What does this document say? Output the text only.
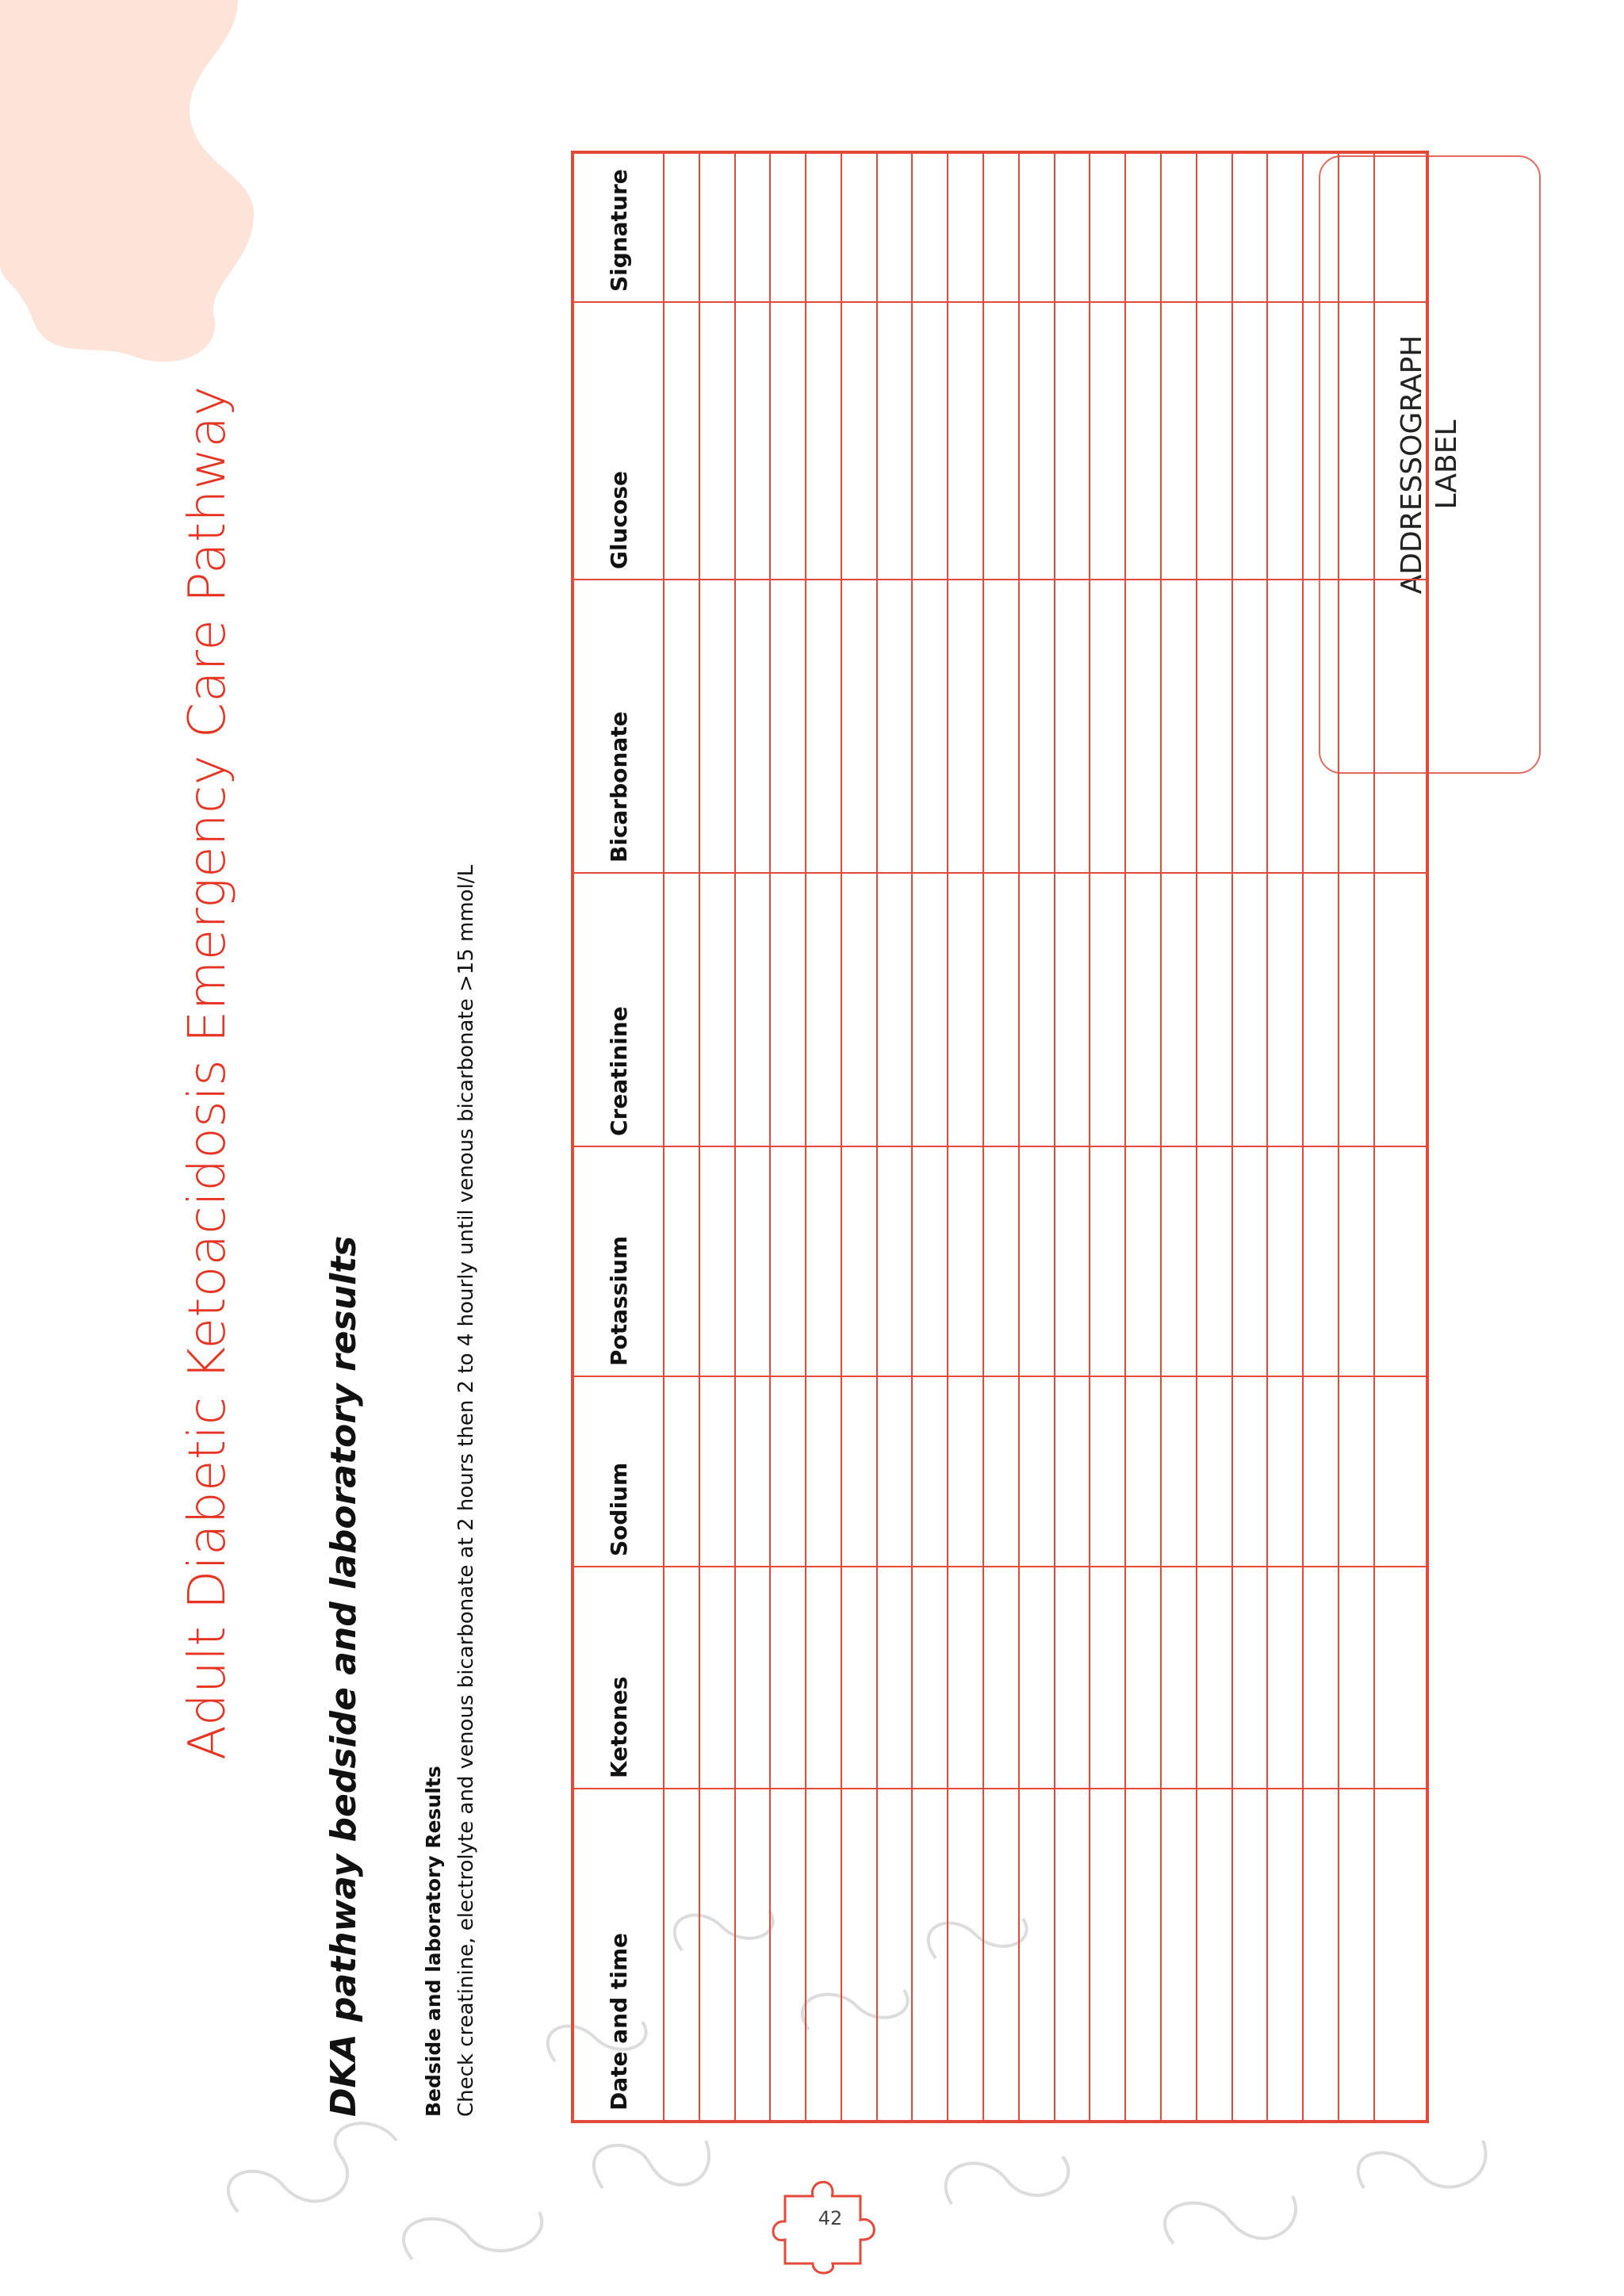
Adult Diabetic Ketoacidosis Emergency Care Pathway DKA pathway bedside and laboratory results	Bedside and laboratory Results Check creatinine, electrolyte and venous bicarbonate at 2 hours then 2 to 4 hourly until venous bicarbonate >15 mmol/L
ADDRESSOGRAPH LABEL
Date and time	Ketones	Sodium	Potassium	Creatinine	Bicarbonate	Glucose	Signature

42
